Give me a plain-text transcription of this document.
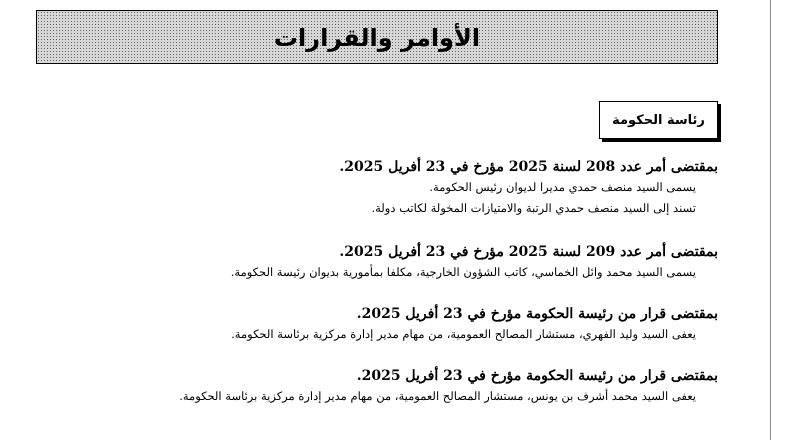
الأوامر والقرارات
رئاسة الحكومة
بمقتضى أمر عدد 208 لسنة 2025 مؤرخ في 23 أفريل 2025.
يسمى السيد منصف حمدي مديرا لديوان رئيس الحكومة.
تسند إلى السيد منصف حمدي الرتبة والامتيازات المخولة لكاتب دولة.
بمقتضى أمر عدد 209 لسنة 2025 مؤرخ في 23 أفريل 2025.
يسمى السيد محمد وائل الخماسي، كاتب الشؤون الخارجية، مكلفا بمأمورية بديوان رئيسة الحكومة.
بمقتضى قرار من رئيسة الحكومة مؤرخ في 23 أفريل 2025.
يعفى السيد وليد الفهري، مستشار المصالح العمومية، من مهام مدير إدارة مركزية برئاسة الحكومة.
بمقتضى قرار من رئيسة الحكومة مؤرخ في 23 أفريل 2025.
يعفى السيد محمد أشرف بن يونس، مستشار المصالح العمومية، من مهام مدير إدارة مركزية برئاسة الحكومة.
